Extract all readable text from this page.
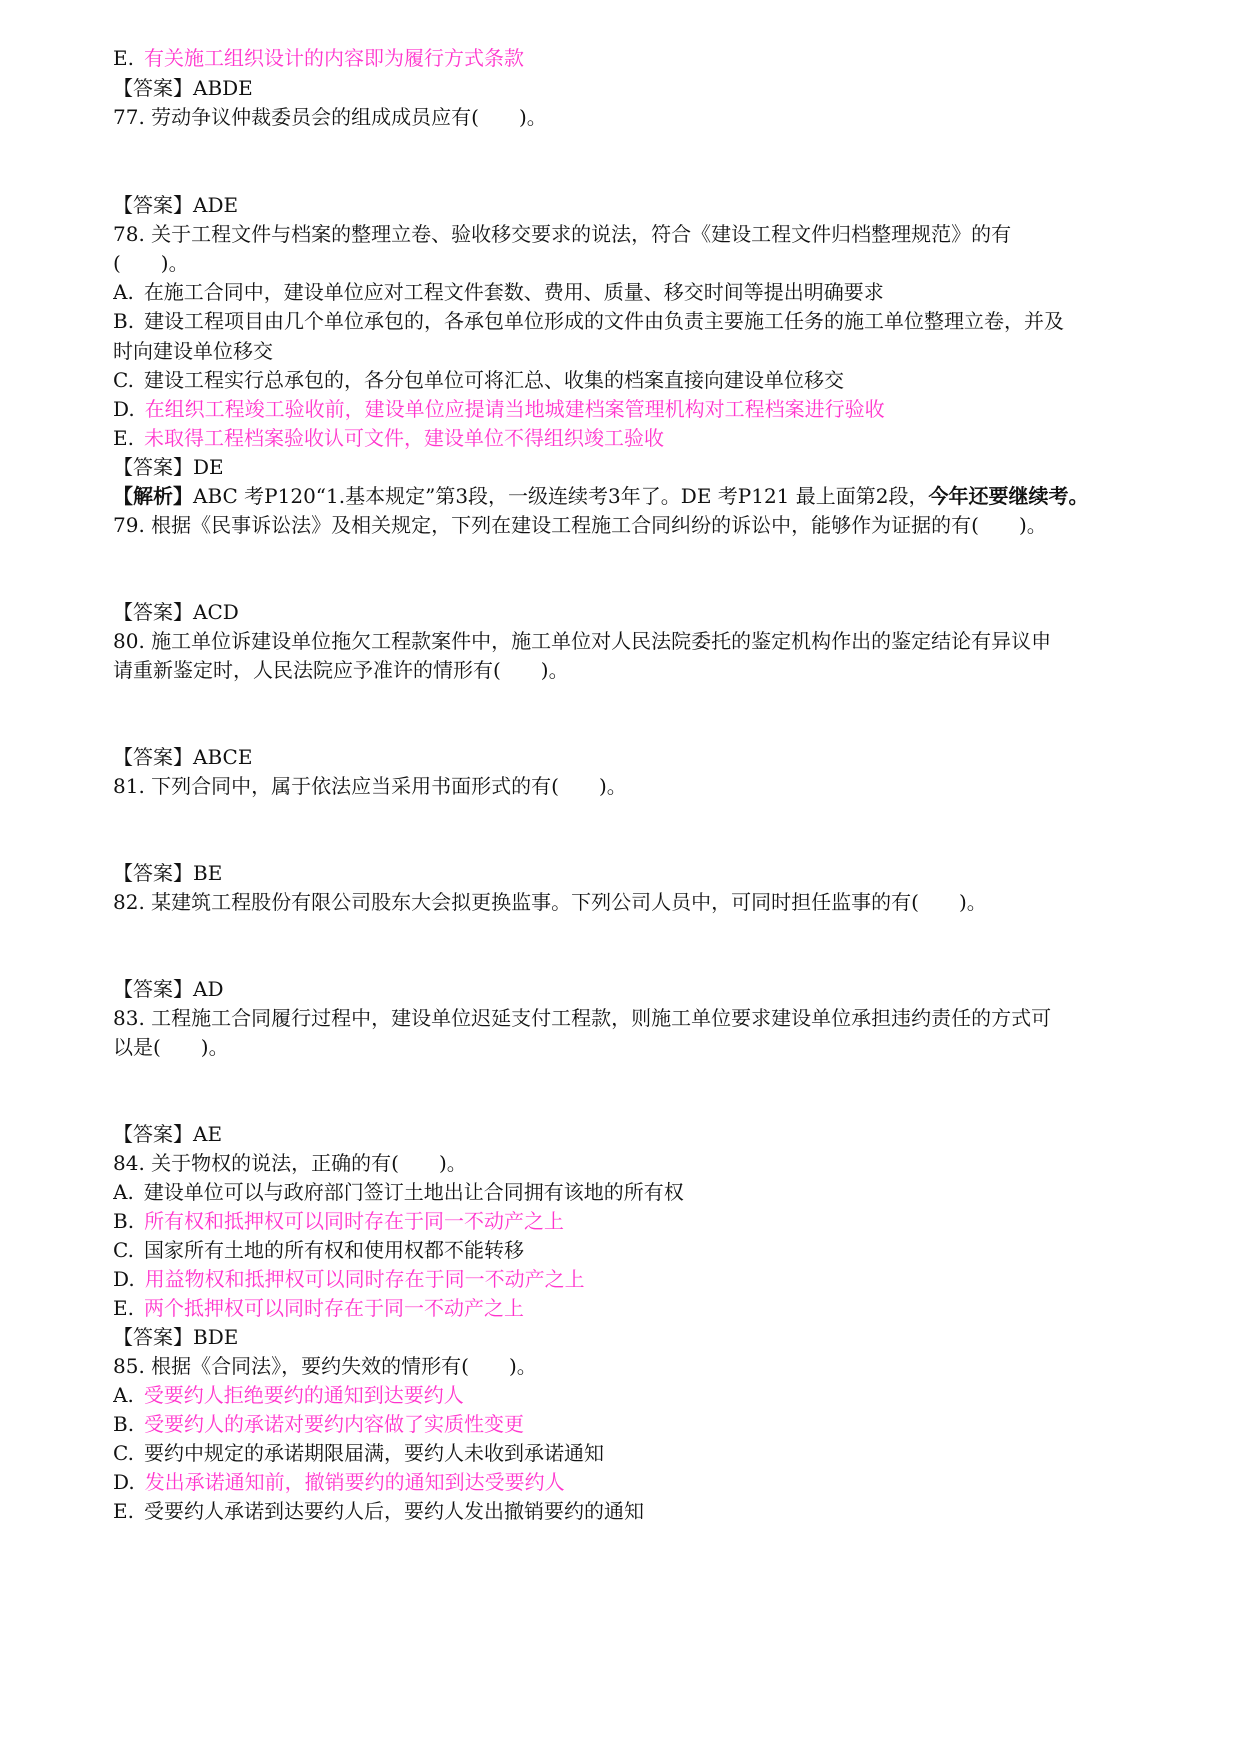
E. 有关施工组织设计的内容即为履行方式条款
【答案】ABDE
77. 劳动争议仲裁委员会的组成成员应有(　　)。
【答案】ADE
78. 关于工程文件与档案的整理立卷、验收移交要求的说法，符合《建设工程文件归档整理规范》的有
(　　)。
A. 在施工合同中，建设单位应对工程文件套数、费用、质量、移交时间等提出明确要求
B. 建设工程项目由几个单位承包的，各承包单位形成的文件由负责主要施工任务的施工单位整理立卷，并及
时向建设单位移交
C. 建设工程实行总承包的，各分包单位可将汇总、收集的档案直接向建设单位移交
D. 在组织工程竣工验收前，建设单位应提请当地城建档案管理机构对工程档案进行验收
E. 未取得工程档案验收认可文件，建设单位不得组织竣工验收
【答案】DE
【解析】ABC 考P120“1.基本规定”第3段，一级连续考3年了。DE 考P121 最上面第2段，今年还要继续考。
79. 根据《民事诉讼法》及相关规定，下列在建设工程施工合同纠纷的诉讼中，能够作为证据的有(　　)。
【答案】ACD
80. 施工单位诉建设单位拖欠工程款案件中，施工单位对人民法院委托的鉴定机构作出的鉴定结论有异议申
请重新鉴定时，人民法院应予准许的情形有(　　)。
【答案】ABCE
81. 下列合同中，属于依法应当采用书面形式的有(　　)。
【答案】BE
82. 某建筑工程股份有限公司股东大会拟更换监事。下列公司人员中，可同时担任监事的有(　　)。
【答案】AD
83. 工程施工合同履行过程中，建设单位迟延支付工程款，则施工单位要求建设单位承担违约责任的方式可
以是(　　)。
【答案】AE
84. 关于物权的说法，正确的有(　　)。
A. 建设单位可以与政府部门签订土地出让合同拥有该地的所有权
B. 所有权和抵押权可以同时存在于同一不动产之上
C. 国家所有土地的所有权和使用权都不能转移
D. 用益物权和抵押权可以同时存在于同一不动产之上
E. 两个抵押权可以同时存在于同一不动产之上
【答案】BDE
85. 根据《合同法》，要约失效的情形有(　　)。
A. 受要约人拒绝要约的通知到达要约人
B. 受要约人的承诺对要约内容做了实质性变更
C. 要约中规定的承诺期限届满，要约人未收到承诺通知
D. 发出承诺通知前，撤销要约的通知到达受要约人
E. 受要约人承诺到达要约人后，要约人发出撤销要约的通知
